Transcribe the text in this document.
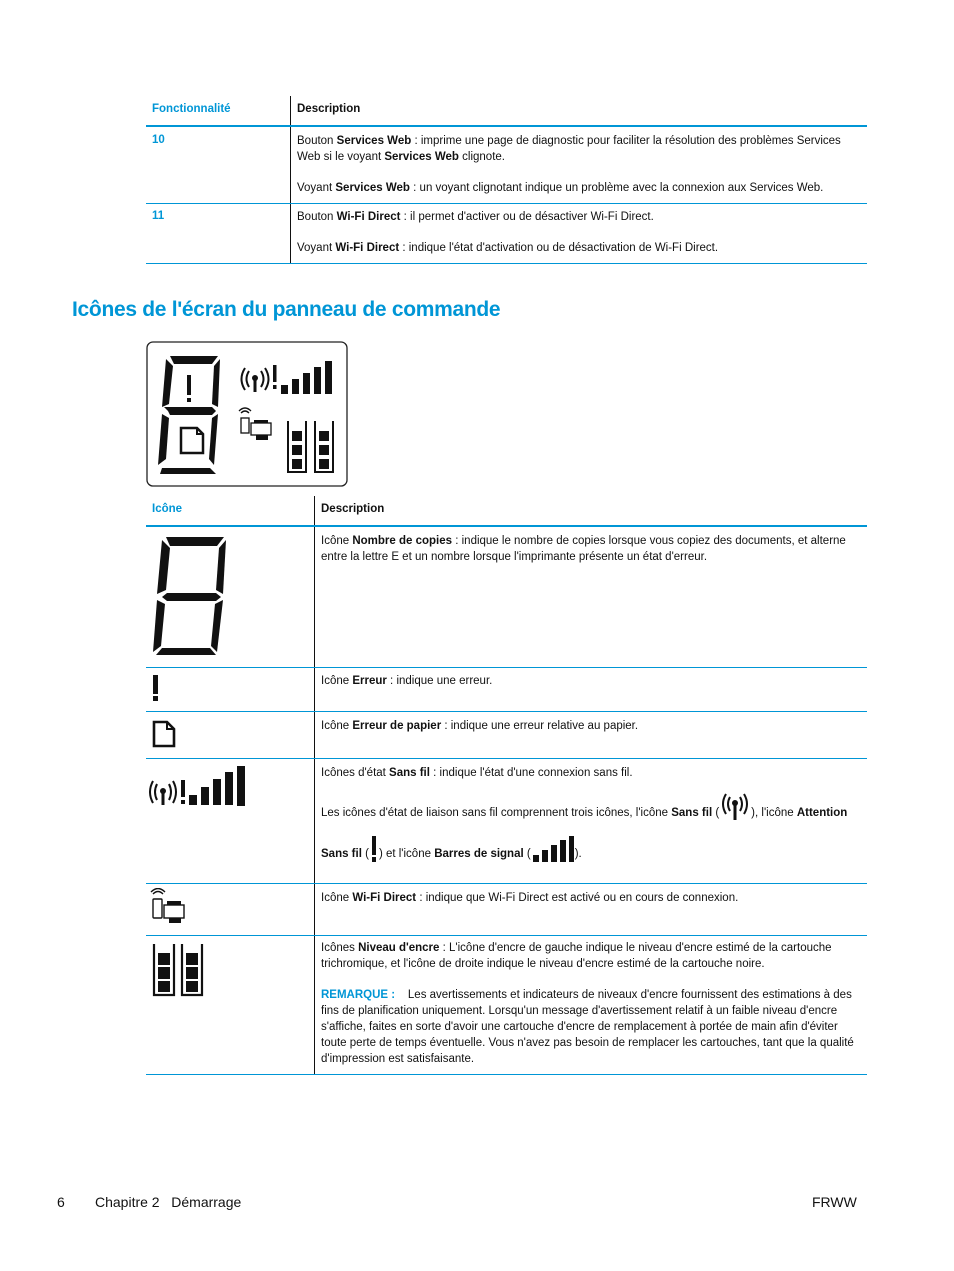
Fonctionnalité	Description
10	Bouton Services Web : imprime une page de diagnostic pour faciliter la résolution des problèmes Services Web si le voyant Services Web clignote.
Voyant Services Web : un voyant clignotant indique un problème avec la connexion aux Services Web.
11	Bouton Wi-Fi Direct : il permet d'activer ou de désactiver Wi-Fi Direct.
Voyant Wi-Fi Direct : indique l'état d'activation ou de désactivation de Wi-Fi Direct.
Icônes de l'écran du panneau de commande
Icône	Description
Icône Nombre de copies : indique le nombre de copies lorsque vous copiez des documents, et alterne entre la lettre E et un nombre lorsque l'imprimante présente un état d'erreur.
Icône Erreur : indique une erreur.
Icône Erreur de papier : indique une erreur relative au papier.
Icônes d'état Sans fil : indique l'état d'une connexion sans fil.
Les icônes d'état de liaison sans fil comprennent trois icônes, l'icône Sans fil (	), l'icône Attention
Sans fil ( ) et l'icône Barres de signal (	).
Icône Wi-Fi Direct : indique que Wi-Fi Direct est activé ou en cours de connexion.
Icônes Niveau d'encre : L'icône d'encre de gauche indique le niveau d'encre estimé de la cartouche trichromique, et l'icône de droite indique le niveau d'encre estimé de la cartouche noire.
REMARQUE : Les avertissements et indicateurs de niveaux d'encre fournissent des estimations à des fins de planification uniquement. Lorsqu'un message d'avertissement relatif à un faible niveau d'encre s'affiche, faites en sorte d'avoir une cartouche d'encre de remplacement à portée de main afin d'éviter toute perte de temps éventuelle. Vous n'avez pas besoin de remplacer les cartouches, tant que la qualité d'impression est satisfaisante.
6 Chapitre 2   Démarrage	FRWW
